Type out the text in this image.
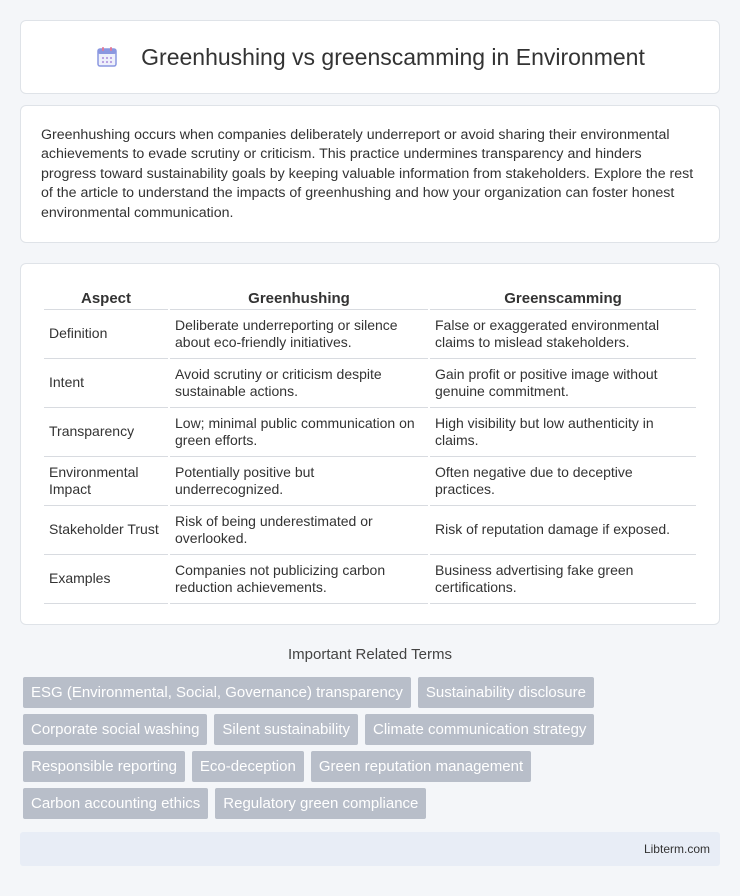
Greenhushing vs greenscamming in Environment

Greenhushing occurs when companies deliberately underreport or avoid sharing their environmental achievements to evade scrutiny or criticism. This practice undermines transparency and hinders progress toward sustainability goals by keeping valuable information from stakeholders. Explore the rest of the article to understand the impacts of greenhushing and how your organization can foster honest environmental communication.

Aspect	Greenhushing	Greenscamming
Definition	Deliberate underreporting or silence about eco-friendly initiatives.	False or exaggerated environmental claims to mislead stakeholders.
Intent	Avoid scrutiny or criticism despite sustainable actions.	Gain profit or positive image without genuine commitment.
Transparency	Low; minimal public communication on green efforts.	High visibility but low authenticity in claims.
Environmental Impact	Potentially positive but underrecognized.	Often negative due to deceptive practices.
Stakeholder Trust	Risk of being underestimated or overlooked.	Risk of reputation damage if exposed.
Examples	Companies not publicizing carbon reduction achievements.	Business advertising fake green certifications.
Important Related Terms
ESG (Environmental, Social, Governance) transparency	Sustainability disclosure
Corporate social washing	Silent sustainability	Climate communication strategy
Responsible reporting	Eco-deception	Green reputation management
Carbon accounting ethics	Regulatory green compliance
Libterm.com
